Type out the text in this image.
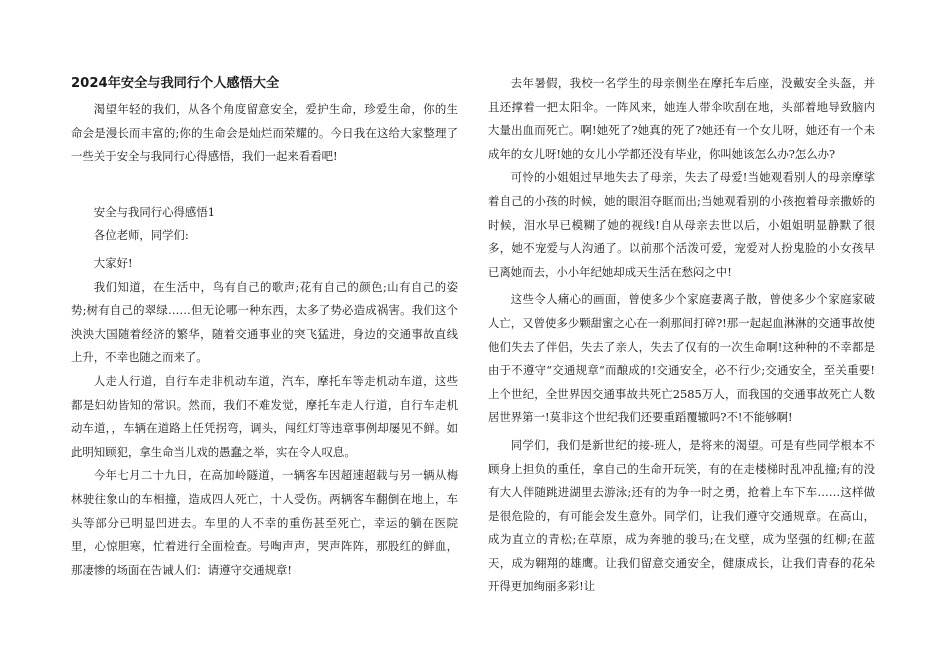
2024年安全与我同行个人感悟大全

渴望年轻的我们，从各个角度留意安全，爱护生命，珍爱生命，你的生命会是漫长而丰富的;你的生命会是灿烂而荣耀的。今日我在这给大家整理了一些关于安全与我同行心得感悟，我们一起来看看吧!

安全与我同行心得感悟1

各位老师，同学们:

大家好!

我们知道，在生活中，鸟有自己的歌声;花有自己的颜色;山有自己的姿势;树有自己的翠绿……但无论哪一种东西，太多了势必造成祸害。我们这个泱泱大国随着经济的繁华，随着交通事业的突飞猛进，身边的交通事故直线上升，不幸也随之而来了。

人走人行道，自行车走非机动车道，汽车，摩托车等走机动车道，这些都是妇幼皆知的常识。然而，我们不难发觉，摩托车走人行道，自行车走机动车道，，车辆在道路上任凭拐弯，调头，闯红灯等违章事例却屡见不鲜。如此明知顾犯，拿生命当儿戏的愚蠢之举，实在令人叹息。

今年七月二十九日，在高加岭隧道，一辆客车因超速超载与另一辆从梅林驶往象山的车相撞，造成四人死亡，十人受伤。两辆客车翻倒在地上，车头等部分已明显凹进去。车里的人不幸的重伤甚至死亡，幸运的躺在医院里，心惊胆寒，忙着进行全面检查。号啕声声，哭声阵阵，那股红的鲜血，那凄惨的场面在告诫人们：请遵守交通规章!

去年暑假，我校一名学生的母亲侧坐在摩托车后座，没戴安全头盔，并且还撑着一把太阳伞。一阵风来，她连人带伞吹刮在地，头部着地导致脑内大量出血而死亡。啊!她死了?她真的死了?她还有一个女儿呀，她还有一个未成年的女儿呀!她的女儿小学都还没有毕业，你叫她该怎么办?怎么办?

可怜的小姐姐过早地失去了母亲，失去了母爱!当她观看别人的母亲摩挲着自己的小孩的时候，她的眼泪夺眶而出;当她观看别的小孩抱着母亲撒娇的时候，泪水早已模糊了她的视线!自从母亲去世以后，小姐姐明显静默了很多，她不宠爱与人沟通了。以前那个活泼可爱，宠爱对人扮鬼脸的小女孩早已离她而去，小小年纪她却成天生活在愁闷之中!

这些令人痛心的画面，曾使多少个家庭妻离子散，曾使多少个家庭家破人亡，又曾使多少颗甜蜜之心在一刹那间打碎?!那一起起血淋淋的交通事故使他们失去了伴侣，失去了亲人，失去了仅有的一次生命啊!这种种的不幸都是由于不遵守“交通规章“而酿成的!交通安全，必不行少;交通安全，至关重要!上个世纪，全世界因交通事故共死亡2585万人，而我国的交通事故死亡人数居世界第一!莫非这个世纪我们还要重蹈覆辙吗?不!不能够啊!

同学们，我们是新世纪的接-班人，是将来的渴望。可是有些同学根本不顾身上担负的重任，拿自己的生命开玩笑，有的在走楼梯时乱冲乱撞;有的没有大人伴随跳进湖里去游泳;还有的为争一时之勇，抢着上车下车……这样做是很危险的，有可能会发生意外。同学们，让我们遵守交通规章。在高山，成为直立的青松;在草原，成为奔驰的骏马;在戈壁，成为坚强的红柳;在蓝天，成为翱翔的雄鹰。让我们留意交通安全，健康成长，让我们青春的花朵开得更加绚丽多彩!让
